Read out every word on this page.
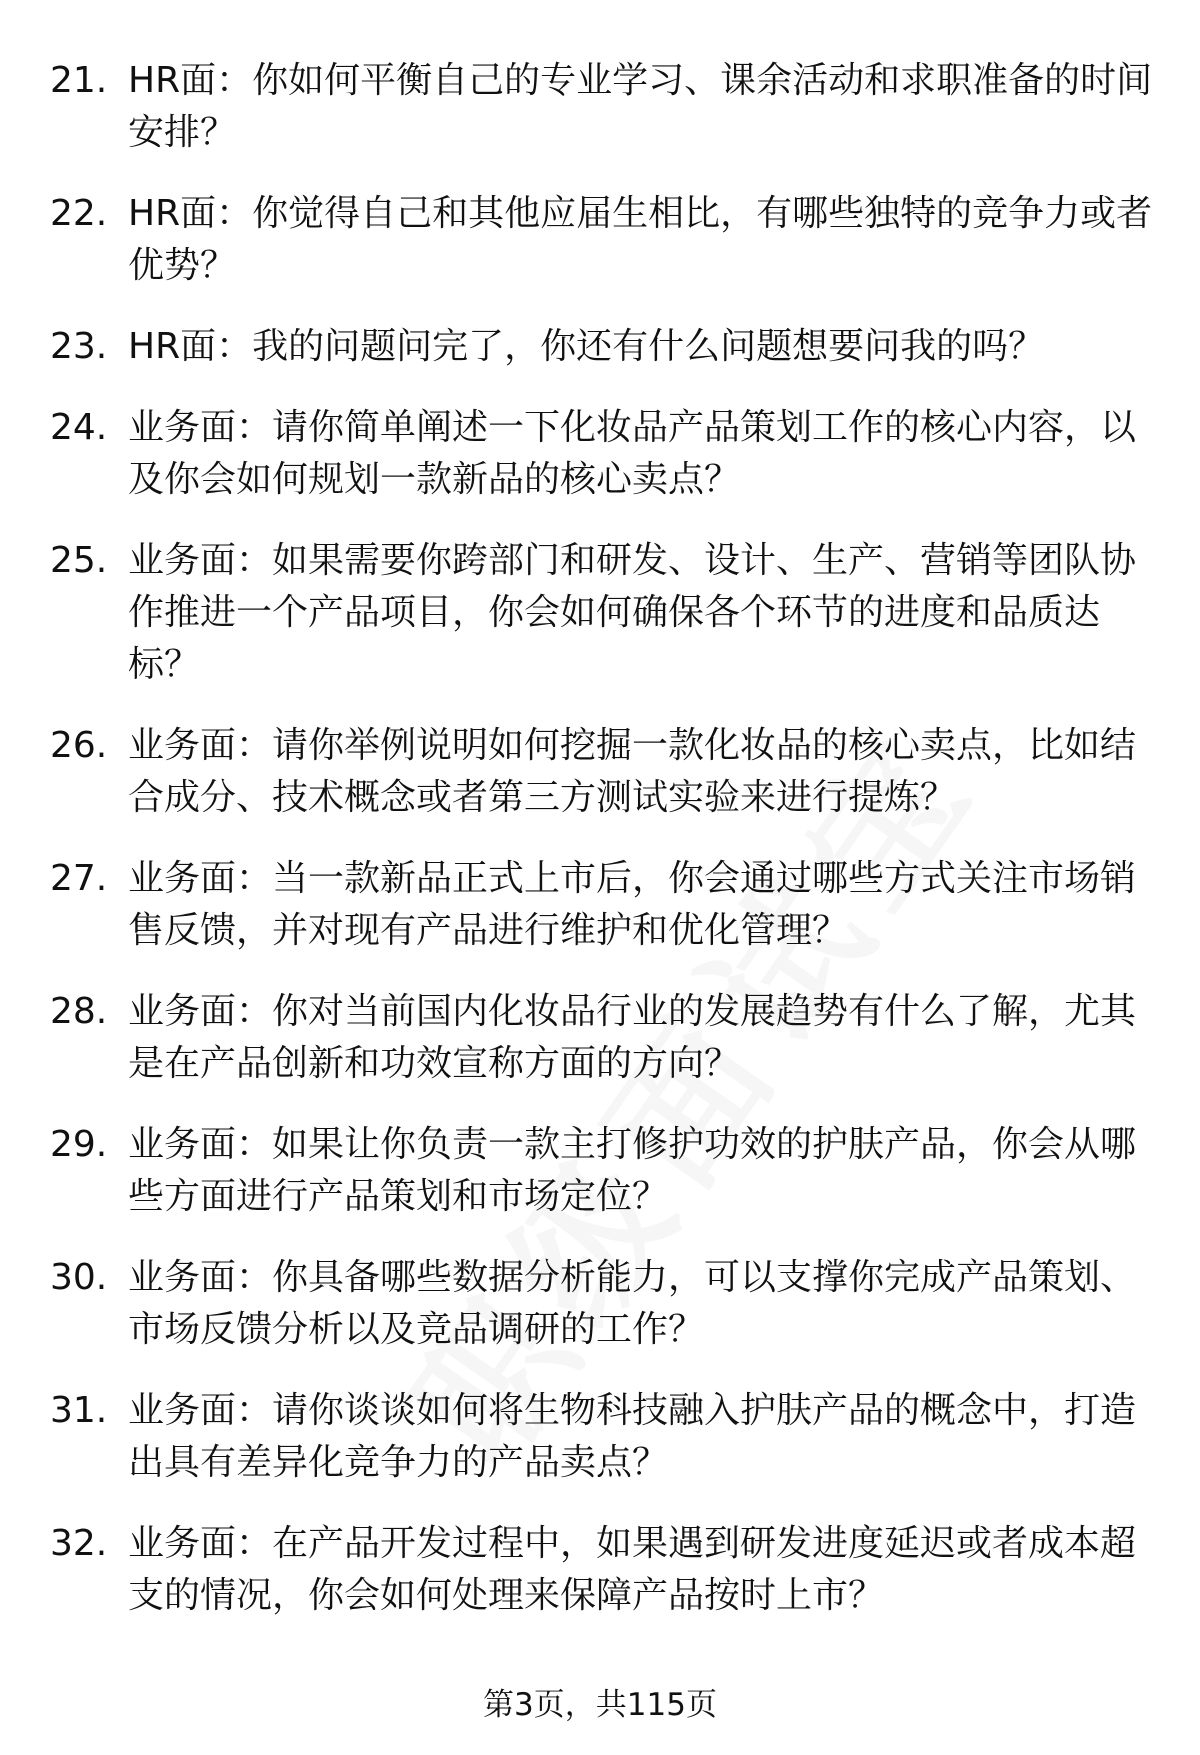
21. HR面：你如何平衡自己的专业学习、课余活动和求职准备的时间安排？
22. HR面：你觉得自己和其他应届生相比，有哪些独特的竞争力或者优势？
23. HR面：我的问题问完了，你还有什么问题想要问我的吗？
24. 业务面：请你简单阐述一下化妆品产品策划工作的核心内容，以及你会如何规划一款新品的核心卖点？
25. 业务面：如果需要你跨部门和研发、设计、生产、营销等团队协作推进一个产品项目，你会如何确保各个环节的进度和品质达标？
26. 业务面：请你举例说明如何挖掘一款化妆品的核心卖点，比如结合成分、技术概念或者第三方测试实验来进行提炼？
27. 业务面：当一款新品正式上市后，你会通过哪些方式关注市场销售反馈，并对现有产品进行维护和优化管理？
28. 业务面：你对当前国内化妆品行业的发展趋势有什么了解，尤其是在产品创新和功效宣称方面的方向？
29. 业务面：如果让你负责一款主打修护功效的护肤产品，你会从哪些方面进行产品策划和市场定位？
30. 业务面：你具备哪些数据分析能力，可以支撑你完成产品策划、市场反馈分析以及竞品调研的工作？
31. 业务面：请你谈谈如何将生物科技融入护肤产品的概念中，打造出具有差异化竞争力的产品卖点？
32. 业务面：在产品开发过程中，如果遇到研发进度延迟或者成本超支的情况，你会如何处理来保障产品按时上市？
第3页，共115页
